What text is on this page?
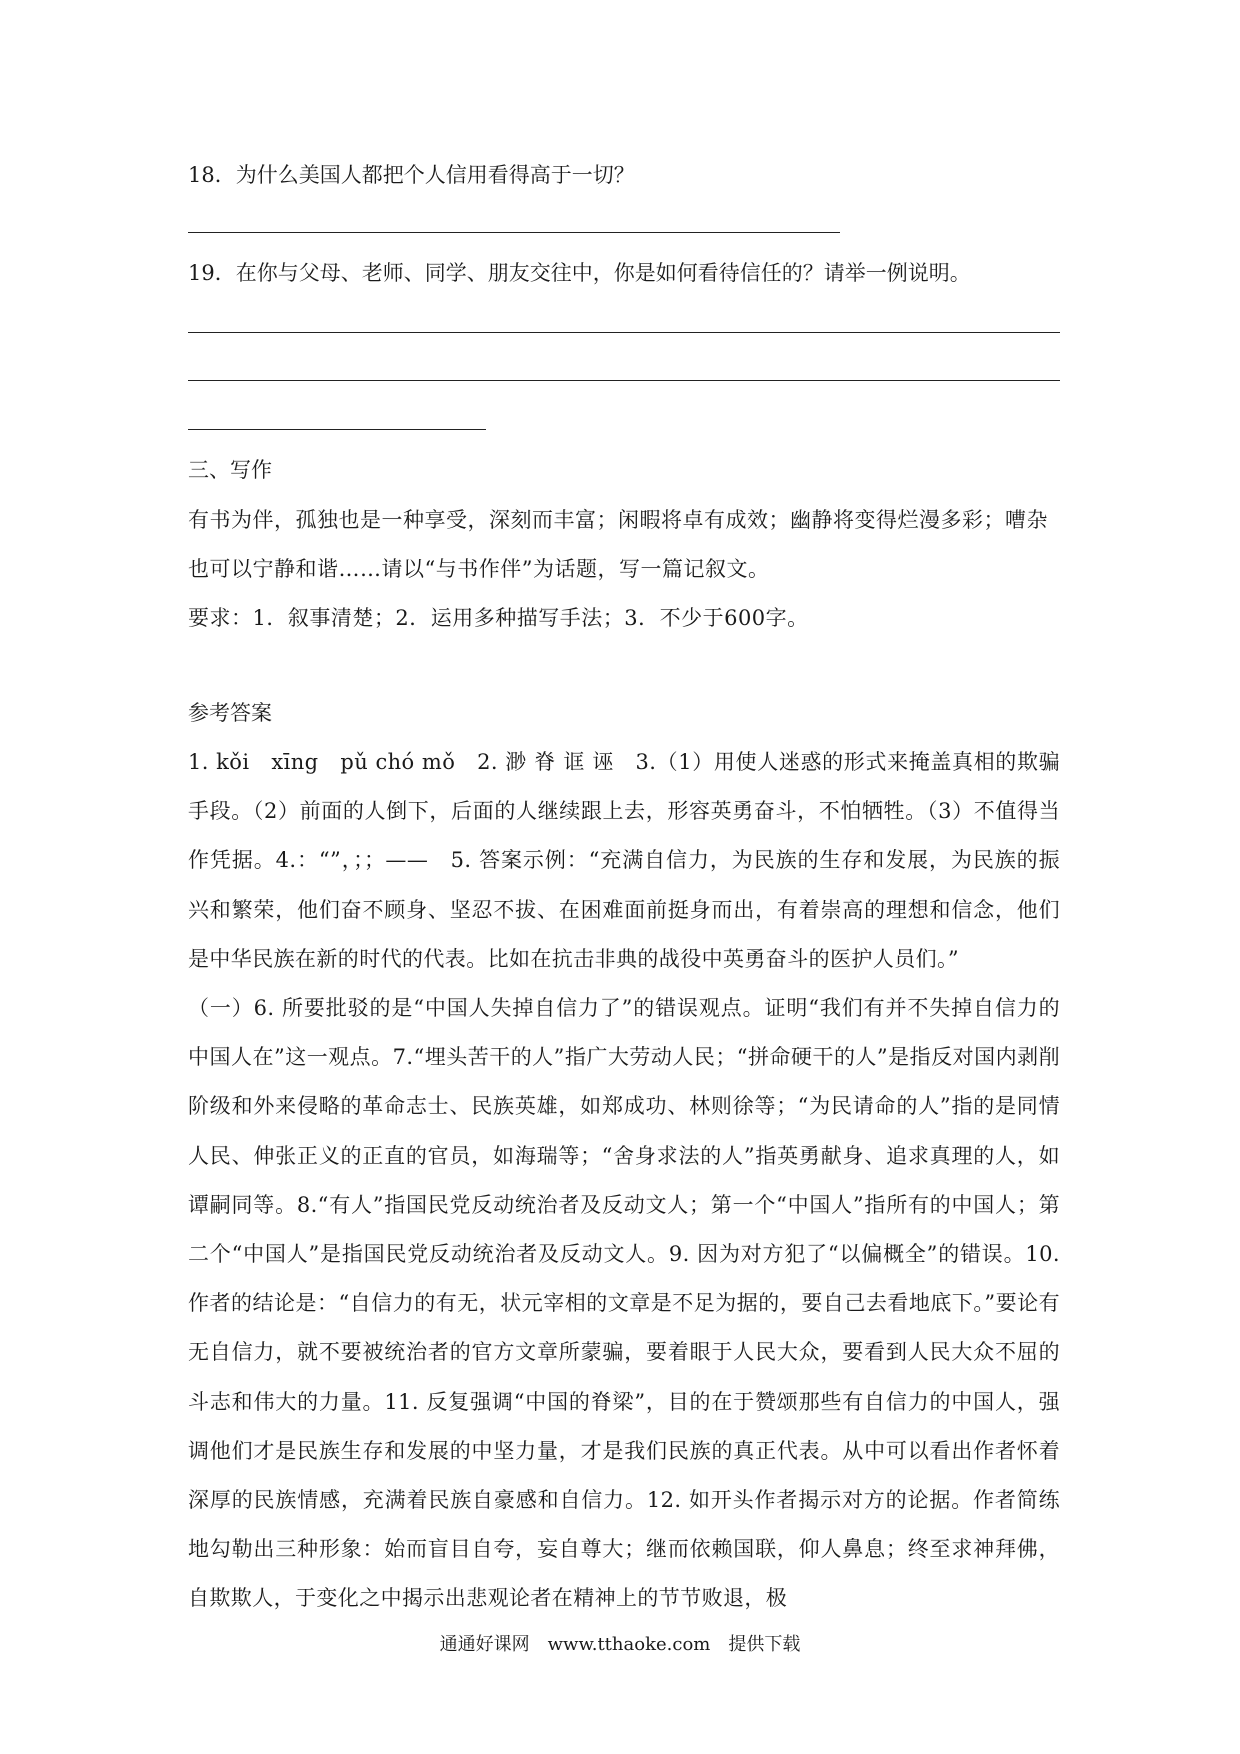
18．为什么美国人都把个人信用看得高于一切？
19．在你与父母、老师、同学、朋友交往中，你是如何看待信任的？请举一例说明。
三、写作
有书为伴，孤独也是一种享受，深刻而丰富；闲暇将卓有成效；幽静将变得烂漫多彩；嘈杂
也可以宁静和谐……请以“与书作伴”为话题，写一篇记叙文。
要求：1．叙事清楚；2．运用多种描写手法；3．不少于600字。
参考答案
1. kǒi　xīng　pǔ chó mǒ　2. 渺 脊 诓 诬　3.（1）用使人迷惑的形式来掩盖真相的欺骗手段。（2）前面的人倒下，后面的人继续跟上去，形容英勇奋斗，不怕牺牲。（3）不值得当作凭据。4.：“”，；；——　5. 答案示例：“充满自信力，为民族的生存和发展，为民族的振兴和繁荣，他们奋不顾身、坚忍不拔、在困难面前挺身而出，有着崇高的理想和信念，他们是中华民族在新的时代的代表。比如在抗击非典的战役中英勇奋斗的医护人员们。”
（一）6. 所要批驳的是“中国人失掉自信力了”的错误观点。证明“我们有并不失掉自信力的中国人在”这一观点。7.“埋头苦干的人”指广大劳动人民；“拼命硬干的人”是指反对国内剥削阶级和外来侵略的革命志士、民族英雄，如郑成功、林则徐等；“为民请命的人”指的是同情人民、伸张正义的正直的官员，如海瑞等；“舍身求法的人”指英勇献身、追求真理的人，如谭嗣同等。8.“有人”指国民党反动统治者及反动文人；第一个“中国人”指所有的中国人；第二个“中国人”是指国民党反动统治者及反动文人。9. 因为对方犯了“以偏概全”的错误。10. 作者的结论是：“自信力的有无，状元宰相的文章是不足为据的，要自己去看地底下。”要论有无自信力，就不要被统治者的官方文章所蒙骗，要着眼于人民大众，要看到人民大众不屈的斗志和伟大的力量。11. 反复强调“中国的脊梁”，目的在于赞颂那些有自信力的中国人，强调他们才是民族生存和发展的中坚力量，才是我们民族的真正代表。从中可以看出作者怀着深厚的民族情感，充满着民族自豪感和自信力。12. 如开头作者揭示对方的论据。作者简练地勾勒出三种形象：始而盲目自夸，妄自尊大；继而依赖国联，仰人鼻息；终至求神拜佛，自欺欺人，于变化之中揭示出悲观论者在精神上的节节败退，极
通通好课网　www.tthaoke.com　提供下载
